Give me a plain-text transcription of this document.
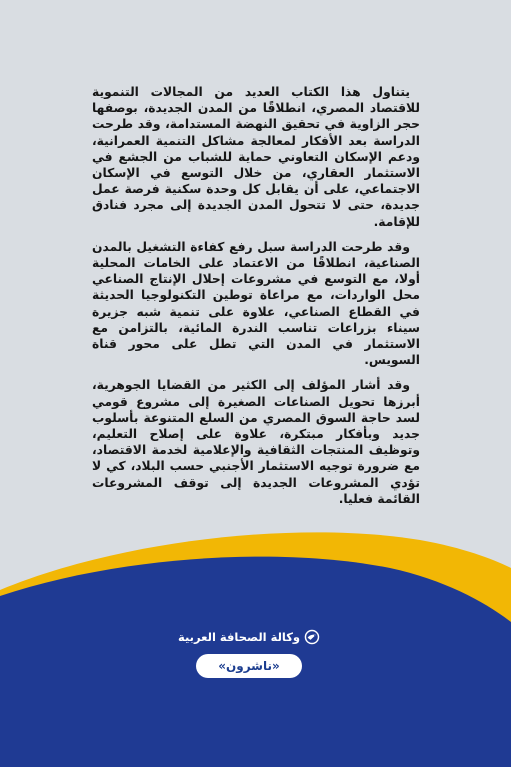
يتناول هذا الكتاب العديد من المجالات التنموية للاقتصاد المصري، انطلاقًا من المدن الجديدة، بوصفها حجر الزاوية في تحقيق النهضة المستدامة، وقد طرحت الدراسة بعد الأفكار لمعالجة مشاكل التنمية العمرانية، ودعم الإسكان التعاوني حماية للشباب من الجشع في الاستثمار العقاري، من خلال التوسع في الإسكان الاجتماعي، على أن يقابل كل وحدة سكنية فرصة عمل جديدة، حتى لا تتحول المدن الجديدة إلى مجرد فنادق للإقامة.

وقد طرحت الدراسة سبل رفع كفاءة التشغيل بالمدن الصناعية، انطلاقًا من الاعتماد على الخامات المحلية أولا، مع التوسع في مشروعات إحلال الإنتاج الصناعي محل الواردات، مع مراعاة توطين التكنولوجيا الحديثة في القطاع الصناعي، علاوة على تنمية شبه جزيرة سيناء بزراعات تناسب الندرة المائية، بالتزامن مع الاستثمار في المدن التي تطل على محور قناة السويس.

وقد أشار المؤلف إلى الكثير من القضايا الجوهرية، أبرزها تحويل الصناعات الصغيرة إلى مشروع قومي لسد حاجة السوق المصري من السلع المتنوعة بأسلوب جديد وبأفكار مبتكرة، علاوة على إصلاح التعليم، وتوظيف المنتجات الثقافية والإعلامية لخدمة الاقتصاد، مع ضرورة توجيه الاستثمار الأجنبي حسب البلاد، كي لا تؤدي المشروعات الجديدة إلى توقف المشروعات القائمة فعليا.

وكالة الصحافة العربية
«ناشرون»
